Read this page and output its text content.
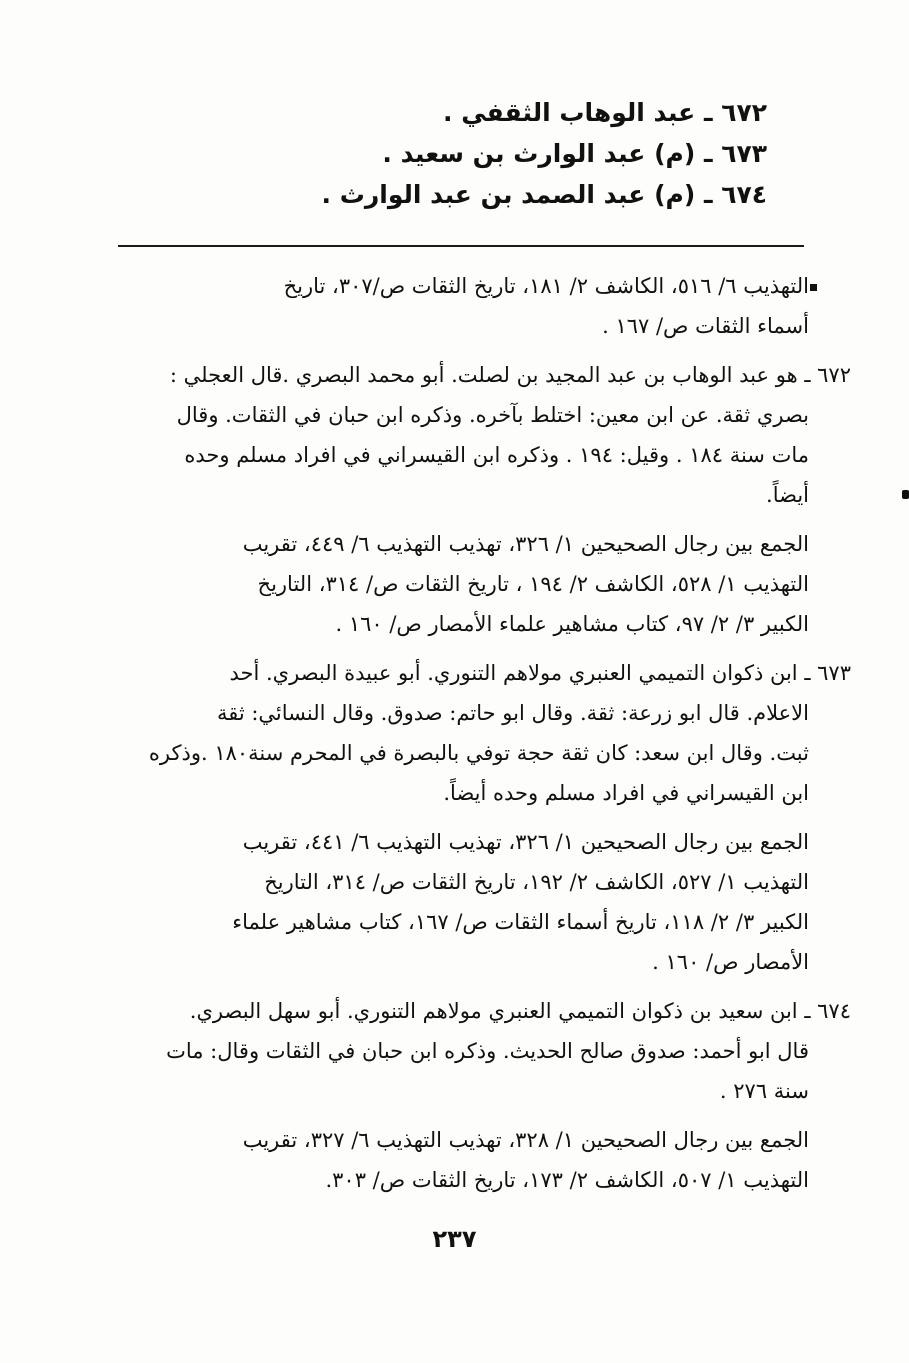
٦٧٢ ـ عبد الوهاب الثقفي .
٦٧٣ ـ (م) عبد الوارث بن سعيد .
٦٧٤ ـ (م) عبد الصمد بن عبد الوارث .
التهذيب ٦/ ٥١٦، الكاشف ٢/ ١٨١، تاريخ الثقات ص/٣٠٧، تاريخ
أسماء الثقات ص/ ١٦٧ .
٦٧٢ ـ هو عبد الوهاب بن عبد المجيد بن لصلت. أبو محمد البصري .قال العجلي :
بصري ثقة. عن ابن معين: اختلط بآخره. وذكره ابن حبان في الثقات. وقال
مات سنة ١٨٤ . وقيل: ١٩٤ . وذكره ابن القيسراني في افراد مسلم وحده
أيضاً.
الجمع بين رجال الصحيحين ١/ ٣٢٦، تهذيب التهذيب ٦/ ٤٤٩، تقريب
التهذيب ١/ ٥٢٨، الكاشف ٢/ ١٩٤ ، تاريخ الثقات ص/ ٣١٤، التاريخ
الكبير ٣/ ٢/ ٩٧، كتاب مشاهير علماء الأمصار ص/ ١٦٠ .
٦٧٣ ـ ابن ذكوان التميمي العنبري مولاهم التنوري. أبو عبيدة البصري. أحد
الاعلام. قال ابو زرعة: ثقة. وقال ابو حاتم: صدوق. وقال النسائي: ثقة
ثبت. وقال ابن سعد: كان ثقة حجة توفي بالبصرة في المحرم سنة١٨٠ .وذكره
ابن القيسراني في افراد مسلم وحده أيضاً.
الجمع بين رجال الصحيحين ١/ ٣٢٦، تهذيب التهذيب ٦/ ٤٤١، تقريب
التهذيب ١/ ٥٢٧، الكاشف ٢/ ١٩٢، تاريخ الثقات ص/ ٣١٤، التاريخ
الكبير ٣/ ٢/ ١١٨، تاريخ أسماء الثقات ص/ ١٦٧، كتاب مشاهير علماء
الأمصار ص/ ١٦٠ .
٦٧٤ ـ ابن سعيد بن ذكوان التميمي العنبري مولاهم التنوري. أبو سهل البصري.
قال ابو أحمد: صدوق صالح الحديث. وذكره ابن حبان في الثقات وقال: مات
سنة ٢٧٦ .
الجمع بين رجال الصحيحين ١/ ٣٢٨، تهذيب التهذيب ٦/ ٣٢٧، تقريب
التهذيب ١/ ٥٠٧، الكاشف ٢/ ١٧٣، تاريخ الثقات ص/ ٣٠٣.
٢٣٧
